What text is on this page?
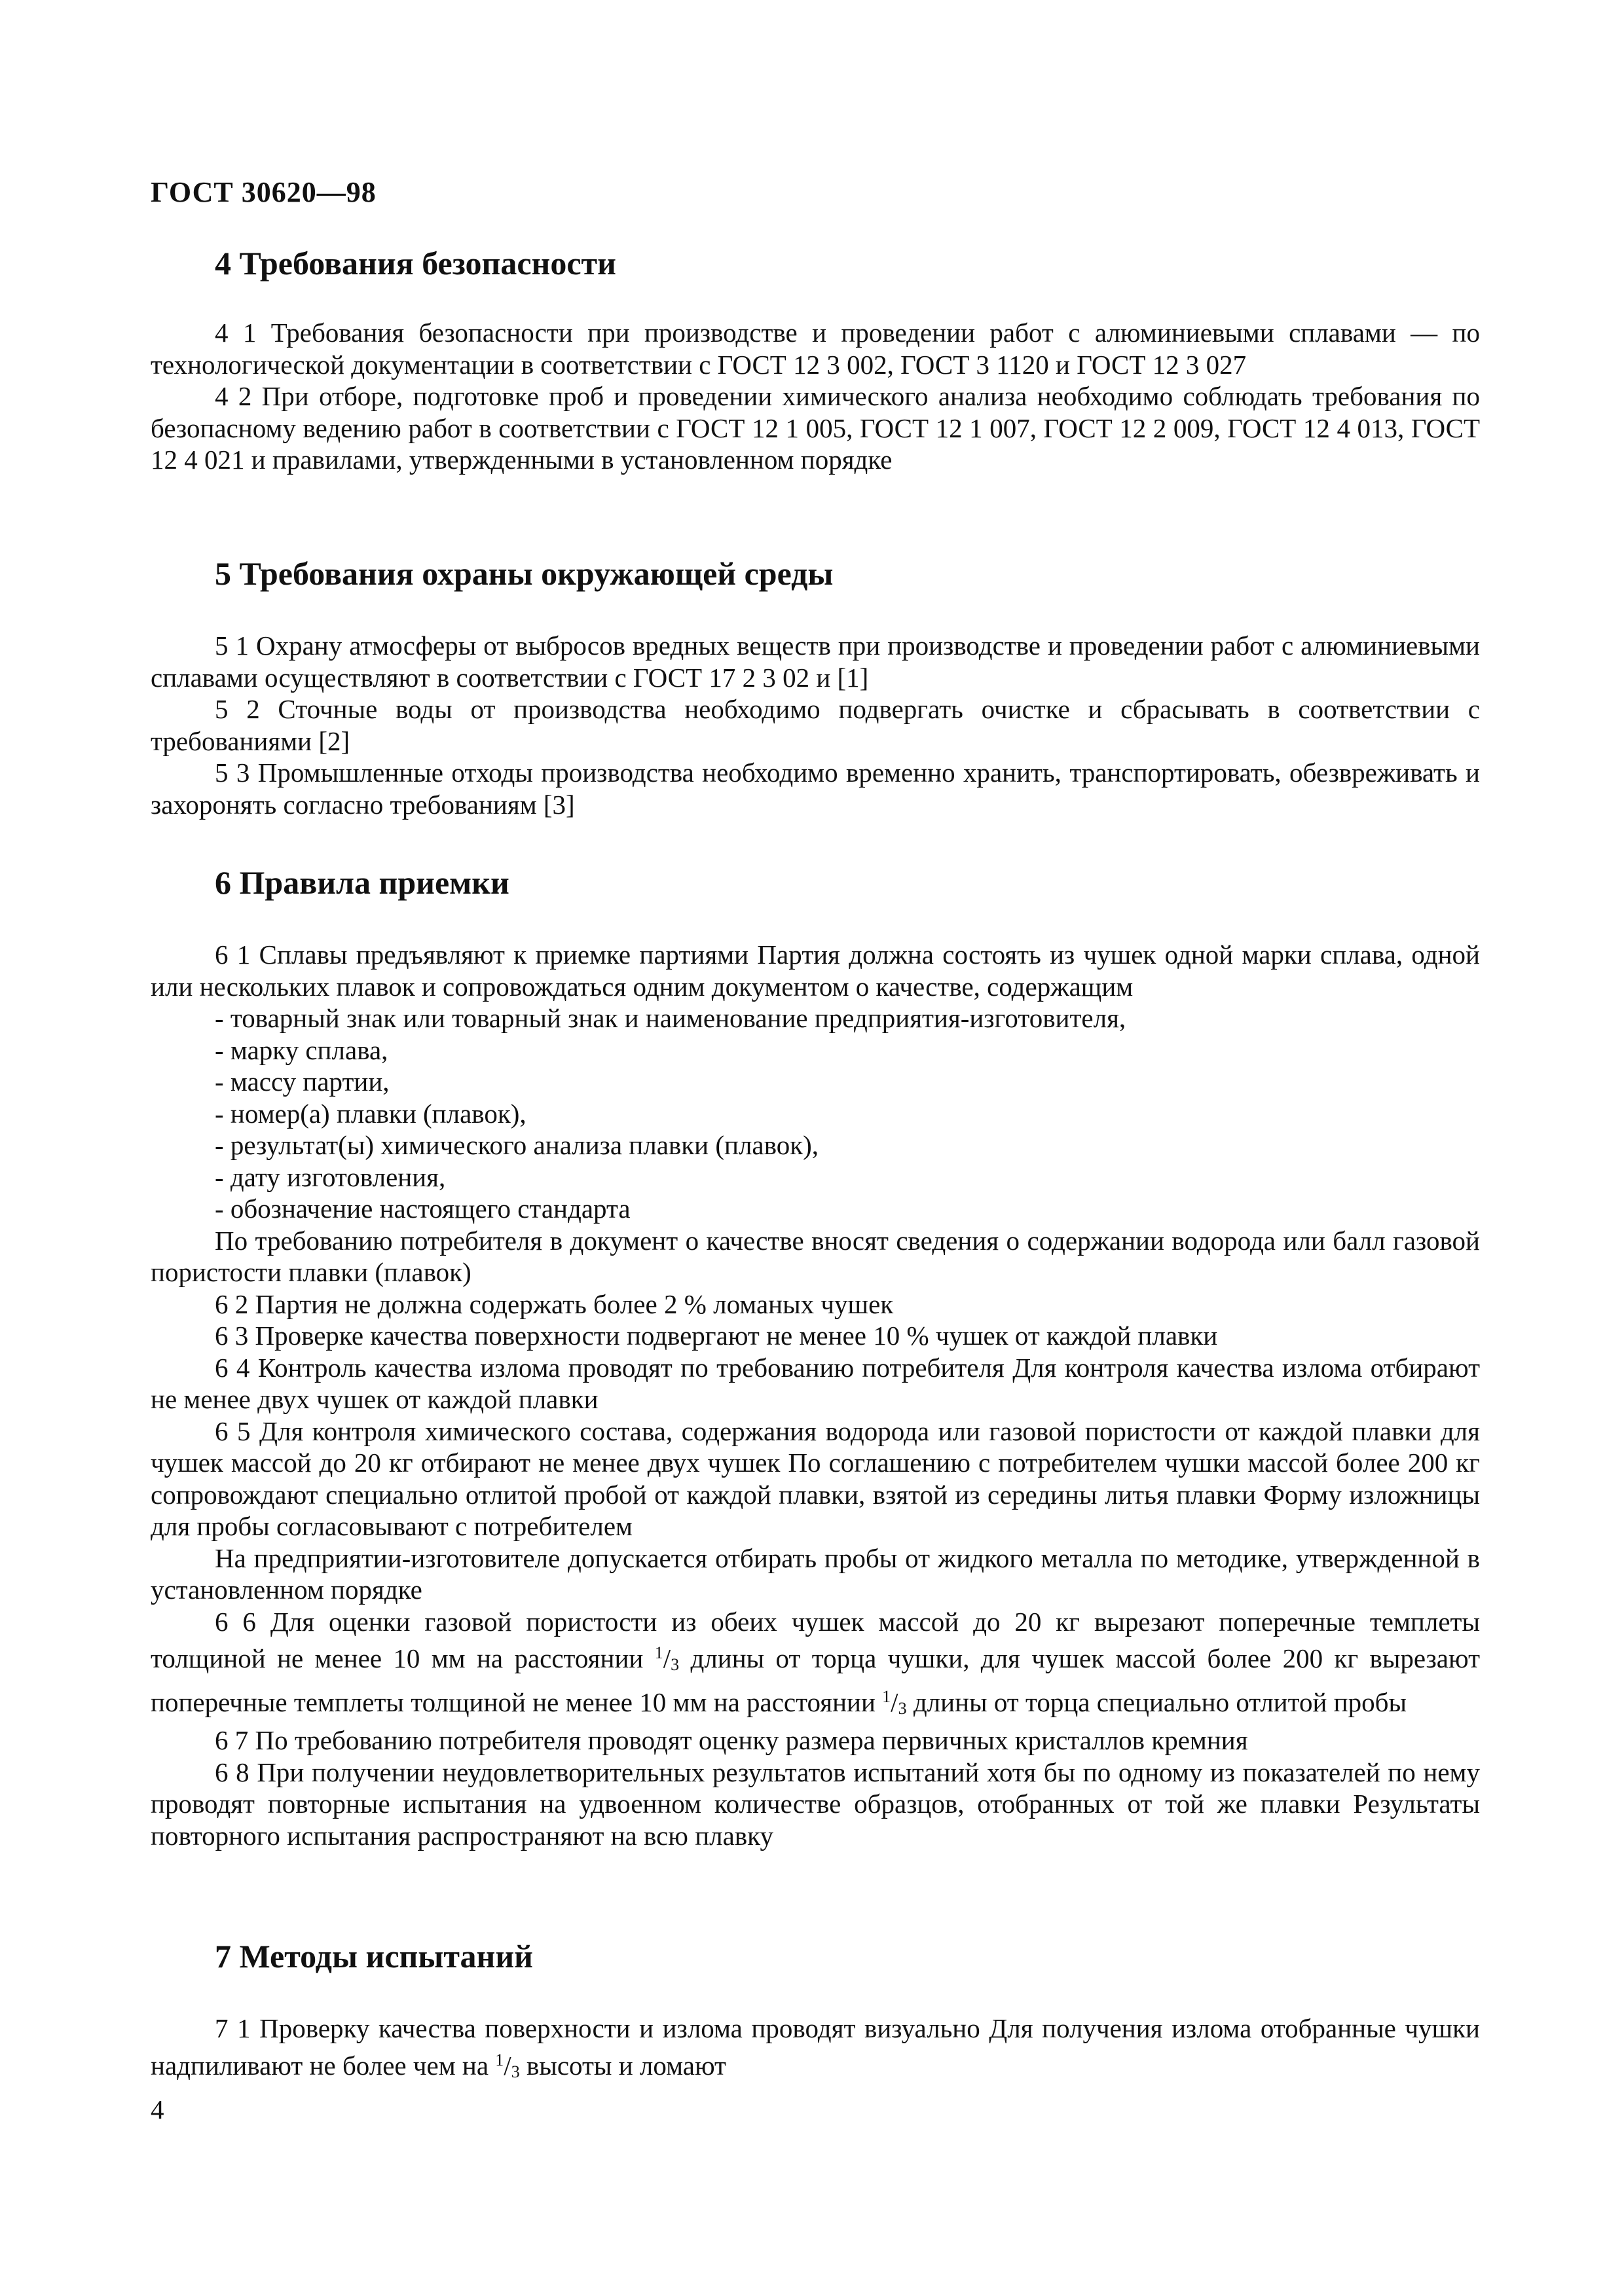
ГОСТ 30620—98
4 Требования безопасности

4 1 Требования безопасности при производстве и проведении работ с алюминиевыми сплавами — по технологической документации в соответствии с ГОСТ 12 3 002, ГОСТ 3 1120 и ГОСТ 12 3 027

4 2 При отборе, подготовке проб и проведении химического анализа необходимо соблюдать требования по безопасному ведению работ в соответствии с ГОСТ 12 1 005, ГОСТ 12 1 007, ГОСТ 12 2 009, ГОСТ 12 4 013, ГОСТ 12 4 021 и правилами, утвержденными в установленном порядке

5 Требования охраны окружающей среды

5 1 Охрану атмосферы от выбросов вредных веществ при производстве и проведении работ с алюминиевыми сплавами осуществляют в соответствии с ГОСТ 17 2 3 02 и [1]

5 2 Сточные воды от производства необходимо подвергать очистке и сбрасывать в соответствии с требованиями [2]

5 3 Промышленные отходы производства необходимо временно хранить, транспортировать, обезвреживать и захоронять согласно требованиям [3]

6 Правила приемки

6 1 Сплавы предъявляют к приемке партиями Партия должна состоять из чушек одной марки сплава, одной или нескольких плавок и сопровождаться одним документом о качестве, содержащим

- товарный знак или товарный знак и наименование предприятия-изготовителя,
- марку сплава,
- массу партии,
- номер(а) плавки (плавок),
- результат(ы) химического анализа плавки (плавок),
- дату изготовления,
- обозначение настоящего стандарта

По требованию потребителя в документ о качестве вносят сведения о содержании водорода или балл газовой пористости плавки (плавок)

6 2 Партия не должна содержать более 2 % ломаных чушек

6 3 Проверке качества поверхности подвергают не менее 10 % чушек от каждой плавки

6 4 Контроль качества излома проводят по требованию потребителя Для контроля качества излома отбирают не менее двух чушек от каждой плавки

6 5 Для контроля химического состава, содержания водорода или газовой пористости от каждой плавки для чушек массой до 20 кг отбирают не менее двух чушек По соглашению с потребителем чушки массой более 200 кг сопровождают специально отлитой пробой от каждой плавки, взятой из середины литья плавки Форму изложницы для пробы согласовывают с потребителем

На предприятии-изготовителе допускается отбирать пробы от жидкого металла по методике, утвержденной в установленном порядке

6 6 Для оценки газовой пористости из обеих чушек массой до 20 кг вырезают поперечные темплеты толщиной не менее 10 мм на расстоянии $^1/_3$ длины от торца чушки, для чушек массой более 200 кг вырезают поперечные темплеты толщиной не менее 10 мм на расстоянии $^1/_3$ длины от торца специально отлитой пробы

6 7 По требованию потребителя проводят оценку размера первичных кристаллов кремния

6 8 При получении неудовлетворительных результатов испытаний хотя бы по одному из показателей по нему проводят повторные испытания на удвоенном количестве образцов, отобранных от той же плавки Результаты повторного испытания распространяют на всю плавку

7 Методы испытаний

7 1 Проверку качества поверхности и излома проводят визуально Для получения излома отобранные чушки надпиливают не более чем на $^1/_3$ высоты и ломают

4
